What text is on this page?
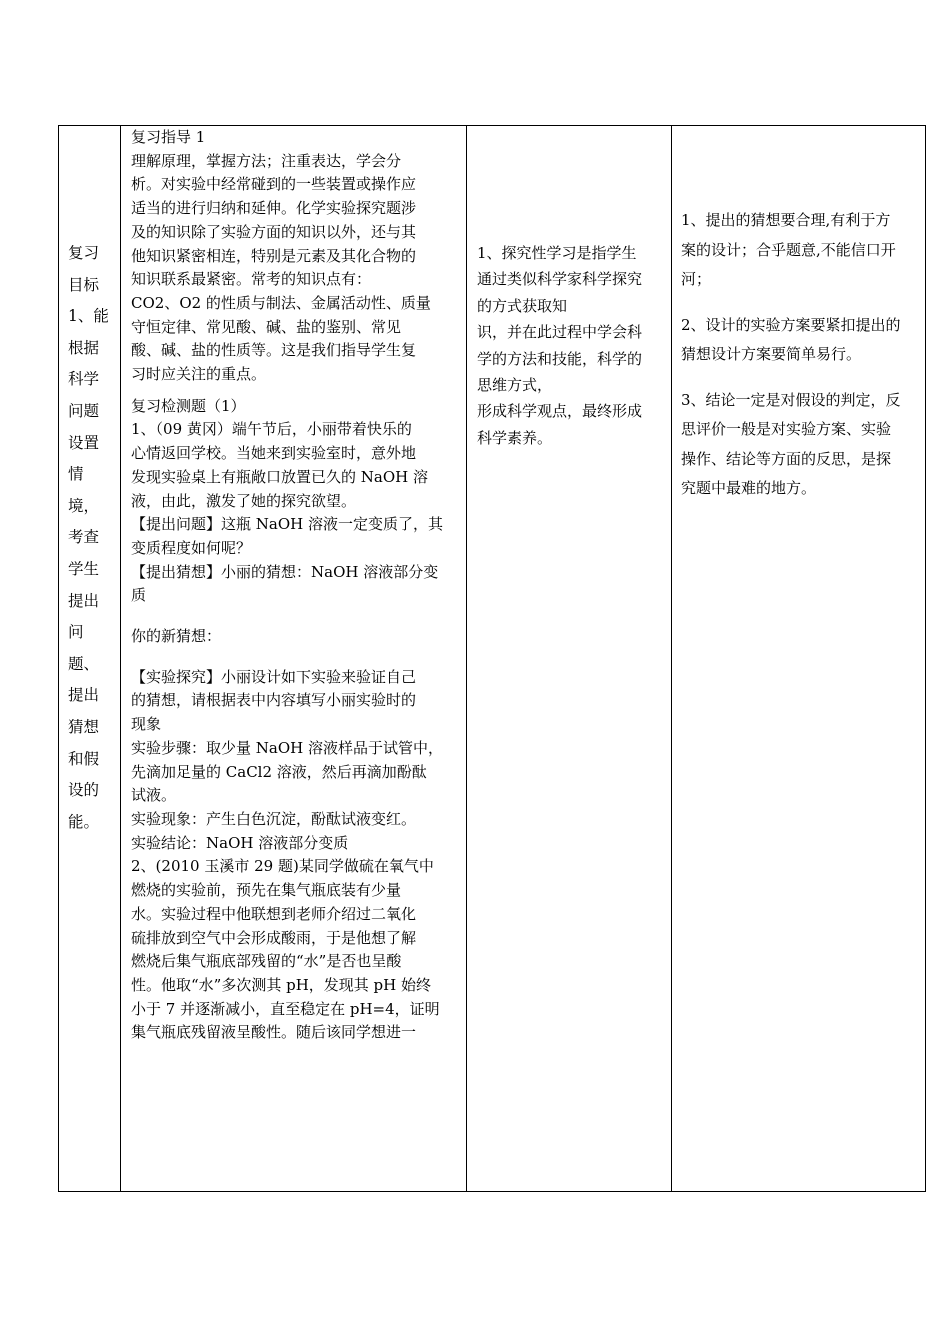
复习
目标
1、能
根据
科学
问题
设置
情
境，
考查
学生
提出
问
题、
提出
猜想
和假
设的
能。

复习指导 1

理解原理，掌握方法；注重表达，学会分

析。对实验中经常碰到的一些装置或操作应

适当的进行归纳和延伸。化学实验探究题涉

及的知识除了实验方面的知识以外，还与其

他知识紧密相连，特别是元素及其化合物的

知识联系最紧密。常考的知识点有：

CO2、O2 的性质与制法、金属活动性、质量

守恒定律、常见酸、碱、盐的鉴别、常见

酸、碱、盐的性质等。这是我们指导学生复

习时应关注的重点。

复习检测题（1）

1、（09 黄冈）端午节后，小丽带着快乐的

心情返回学校。当她来到实验室时，意外地

发现实验桌上有瓶敞口放置已久的 NaOH 溶

液，由此，激发了她的探究欲望。

【提出问题】这瓶 NaOH 溶液一定变质了，其

变质程度如何呢？

【提出猜想】小丽的猜想：NaOH 溶液部分变

质

你的新猜想：

【实验探究】小丽设计如下实验来验证自己

的猜想，请根据表中内容填写小丽实验时的

现象

实验步骤：取少量 NaOH 溶液样品于试管中，

先滴加足量的 CaCl2 溶液，然后再滴加酚酞

试液。

实验现象：产生白色沉淀，酚酞试液变红。

实验结论：NaOH 溶液部分变质

2、(2010 玉溪市 29 题)某同学做硫在氧气中

燃烧的实验前，预先在集气瓶底装有少量

水。实验过程中他联想到老师介绍过二氧化

硫排放到空气中会形成酸雨，于是他想了解

燃烧后集气瓶底部残留的“水”是否也呈酸

性。他取“水”多次测其 pH，发现其 pH 始终

小于 7 并逐渐减小，直至稳定在 pH=4，证明

集气瓶底残留液呈酸性。随后该同学想进一

1、探究性学习是指学生

通过类似科学家科学探究

的方式获取知

识，并在此过程中学会科

学的方法和技能，科学的

思维方式，

形成科学观点，最终形成

科学素养。

1、提出的猜想要合理,有利于方

案的设计；合乎题意,不能信口开

河；

2、设计的实验方案要紧扣提出的

猜想设计方案要简单易行。

3、结论一定是对假设的判定，反

思评价一般是对实验方案、实验

操作、结论等方面的反思，是探

究题中最难的地方。
